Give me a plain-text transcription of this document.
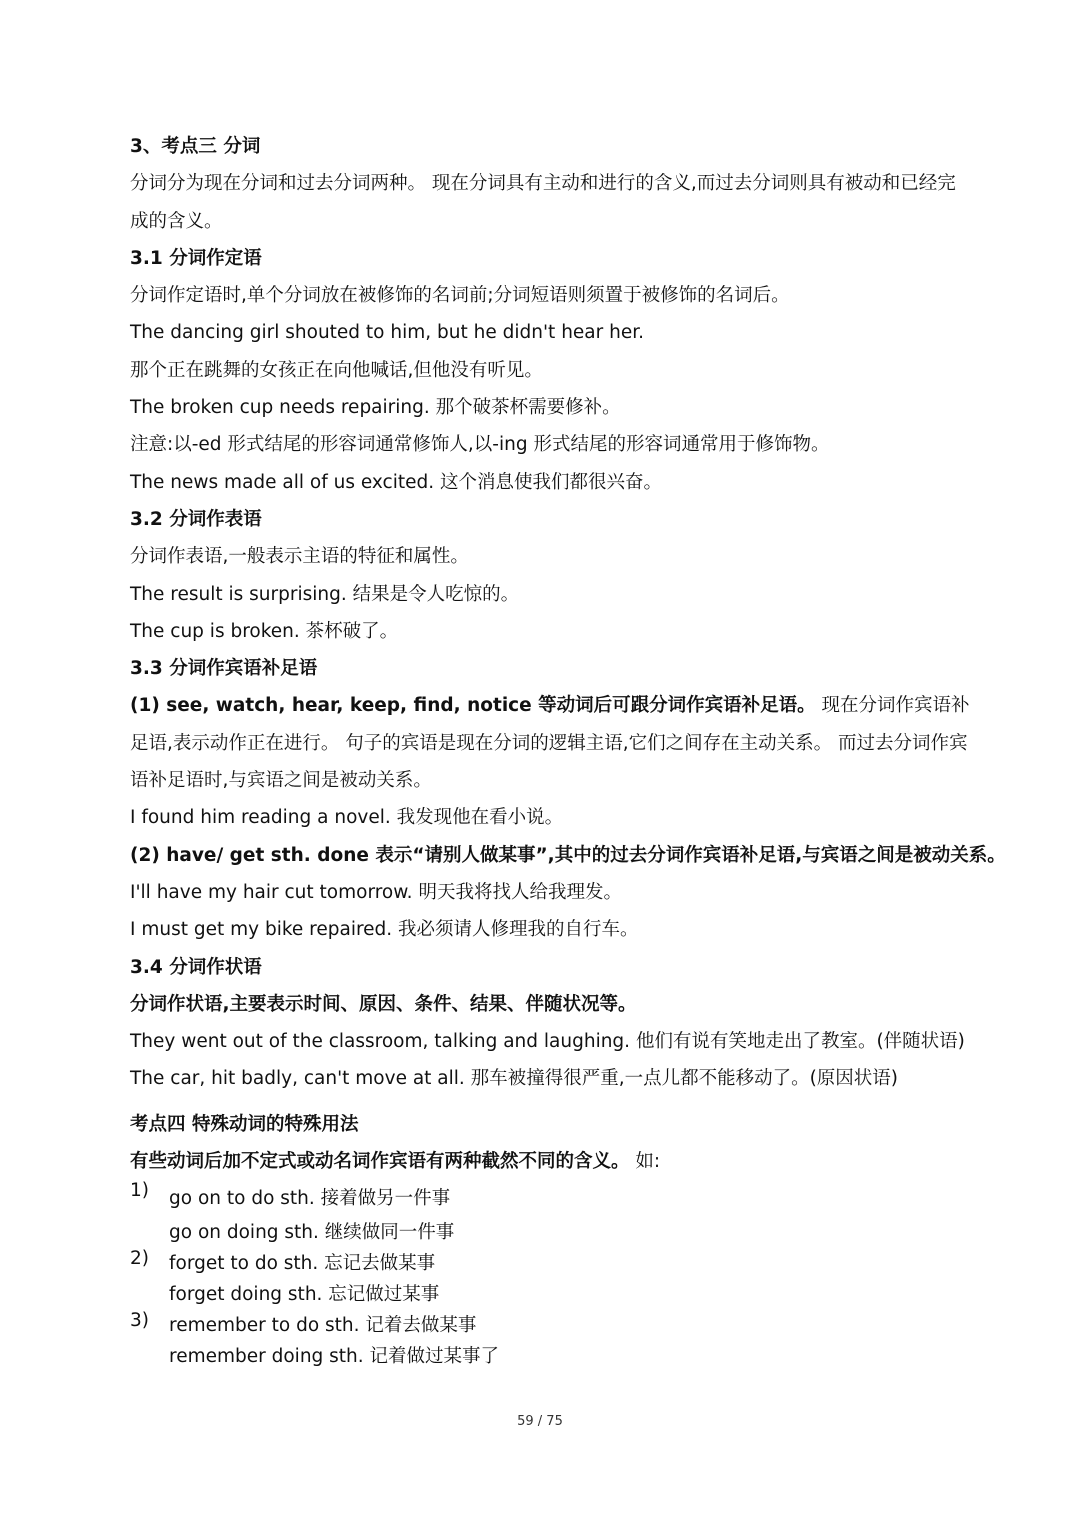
3、考点三 分词
分词分为现在分词和过去分词两种。 现在分词具有主动和进行的含义,而过去分词则具有被动和已经完成的含义。
3.1 分词作定语
分词作定语时,单个分词放在被修饰的名词前;分词短语则须置于被修饰的名词后。
The dancing girl shouted to him, but he didn't hear her.
那个正在跳舞的女孩正在向他喊话,但他没有听见。
The broken cup needs repairing. 那个破茶杯需要修补。
注意:以-ed 形式结尾的形容词通常修饰人,以-ing 形式结尾的形容词通常用于修饰物。
The news made all of us excited. 这个消息使我们都很兴奋。
3.2 分词作表语
分词作表语,一般表示主语的特征和属性。
The result is surprising. 结果是令人吃惊的。
The cup is broken. 茶杯破了。
3.3 分词作宾语补足语
(1) see, watch, hear, keep, find, notice 等动词后可跟分词作宾语补足语。 现在分词作宾语补足语,表示动作正在进行。 句子的宾语是现在分词的逻辑主语,它们之间存在主动关系。 而过去分词作宾语补足语时,与宾语之间是被动关系。
I found him reading a novel. 我发现他在看小说。
(2) have/ get sth. done 表示“请别人做某事”,其中的过去分词作宾语补足语,与宾语之间是被动关系。
I'll have my hair cut tomorrow. 明天我将找人给我理发。
I must get my bike repaired. 我必须请人修理我的自行车。
3.4 分词作状语
分词作状语,主要表示时间、原因、条件、结果、伴随状况等。
They went out of the classroom, talking and laughing. 他们有说有笑地走出了教室。(伴随状语)
The car, hit badly, can't move at all. 那车被撞得很严重,一点儿都不能移动了。(原因状语)
考点四 特殊动词的特殊用法
有些动词后加不定式或动名词作宾语有两种截然不同的含义。 如:
1)	go on to do sth. 接着做另一件事
go on doing sth. 继续做同一件事
2)	forget to do sth. 忘记去做某事
forget doing sth. 忘记做过某事
3)	remember to do sth. 记着去做某事
remember doing sth. 记着做过某事了
59 / 75
